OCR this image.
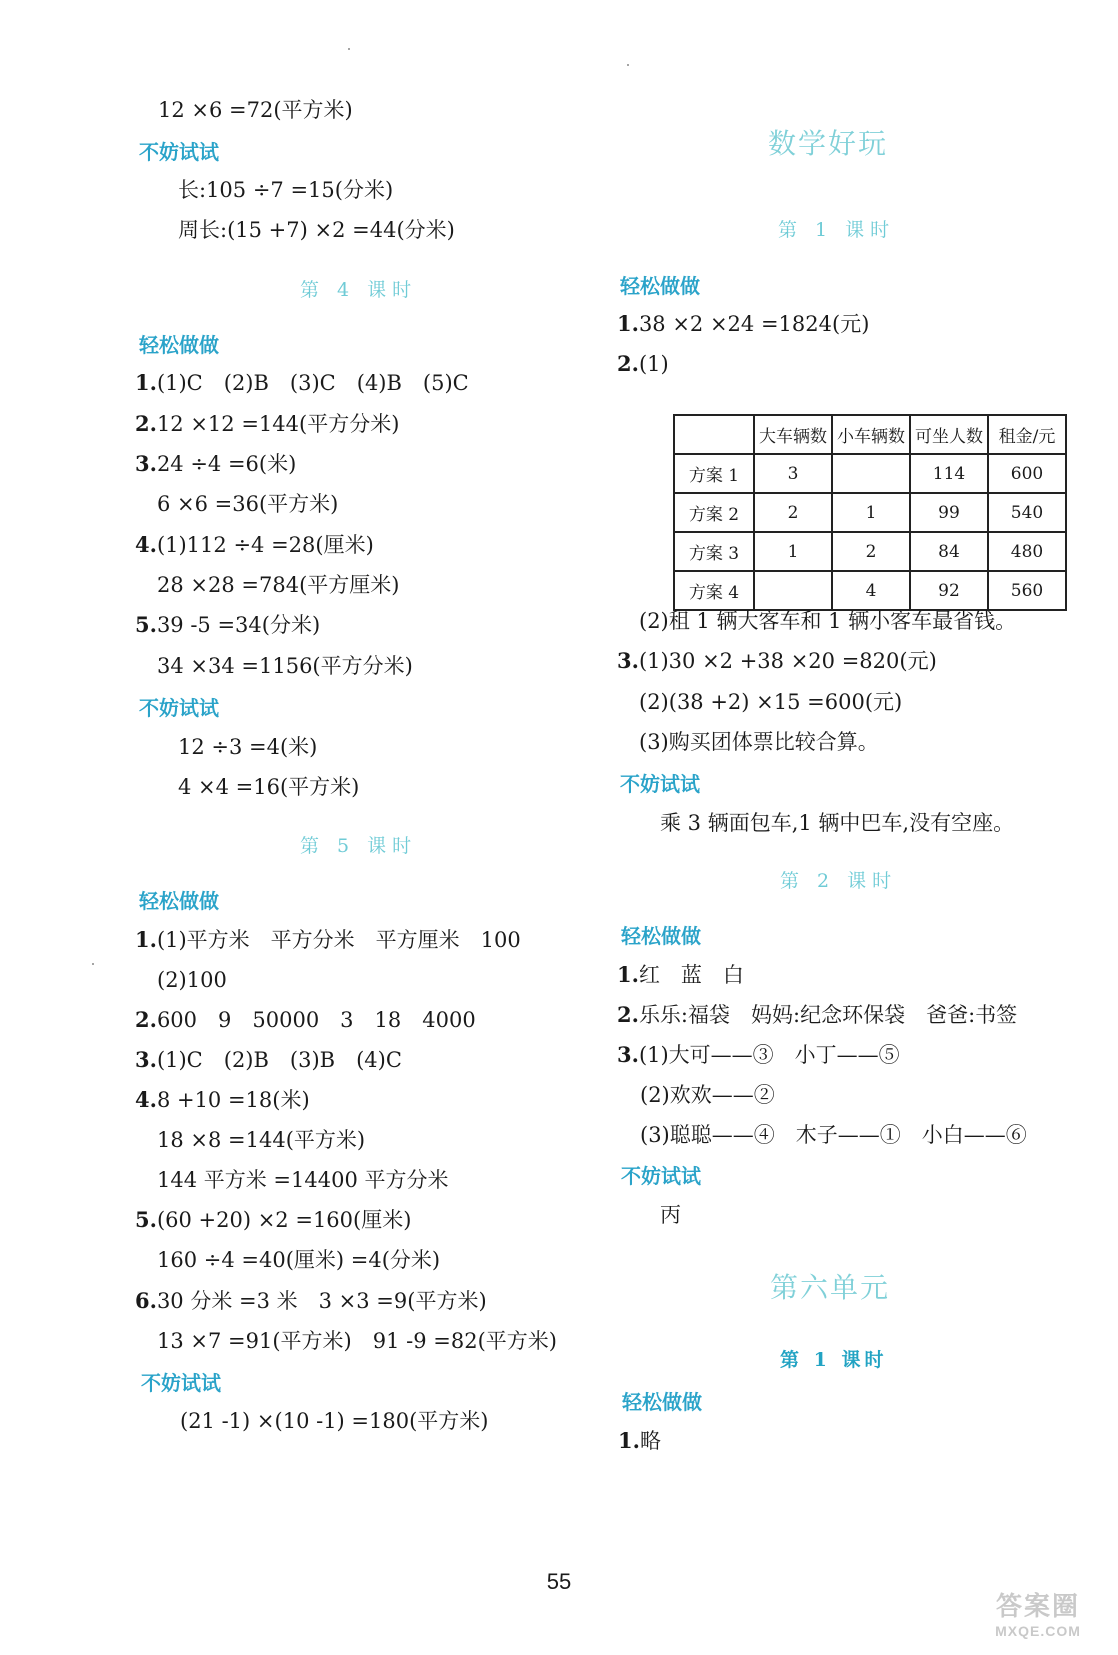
12 ×6 =72(平方米)
不妨试试
长:105 ÷7 =15(分米)
周长:(15 +7) ×2 =44(分米)
第 4 课时
轻松做做
1.(1)C　(2)B　(3)C　(4)B　(5)C
2.12 ×12 =144(平方分米)
3.24 ÷4 =6(米)
6 ×6 =36(平方米)
4.(1)112 ÷4 =28(厘米)
28 ×28 =784(平方厘米)
5.39 -5 =34(分米)
34 ×34 =1156(平方分米)
不妨试试
12 ÷3 =4(米)
4 ×4 =16(平方米)
第 5 课时
轻松做做
1.(1)平方米　平方分米　平方厘米　100
(2)100
2.600　9　50000　3　18　4000
3.(1)C　(2)B　(3)B　(4)C
4.8 +10 =18(米)
18 ×8 =144(平方米)
144 平方米 =14400 平方分米
5.(60 +20) ×2 =160(厘米)
160 ÷4 =40(厘米) =4(分米)
6.30 分米 =3 米　3 ×3 =9(平方米)
13 ×7 =91(平方米)　91 -9 =82(平方米)
不妨试试
(21 -1) ×(10 -1) =180(平方米)
数学好玩
第 1 课时
轻松做做
1.38 ×2 ×24 =1824(元)
2.(1)
	大车辆数	小车辆数	可坐人数	租金/元
方案 1	3		114	600
方案 2	2	1	99	540
方案 3	1	2	84	480
方案 4		4	92	560
(2)租 1 辆大客车和 1 辆小客车最省钱。
3.(1)30 ×2 +38 ×20 =820(元)
(2)(38 +2) ×15 =600(元)
(3)购买团体票比较合算。
不妨试试
乘 3 辆面包车,1 辆中巴车,没有空座。
第 2 课时
轻松做做
1.红　蓝　白
2.乐乐:福袋　妈妈:纪念环保袋　爸爸:书签
3.(1)大可——③　小丁——⑤
(2)欢欢——②
(3)聪聪——④　木子——①　小白——⑥
不妨试试
丙
第六单元
第 1 课时
轻松做做
1.略
55
答案圈
MXQE.COM
